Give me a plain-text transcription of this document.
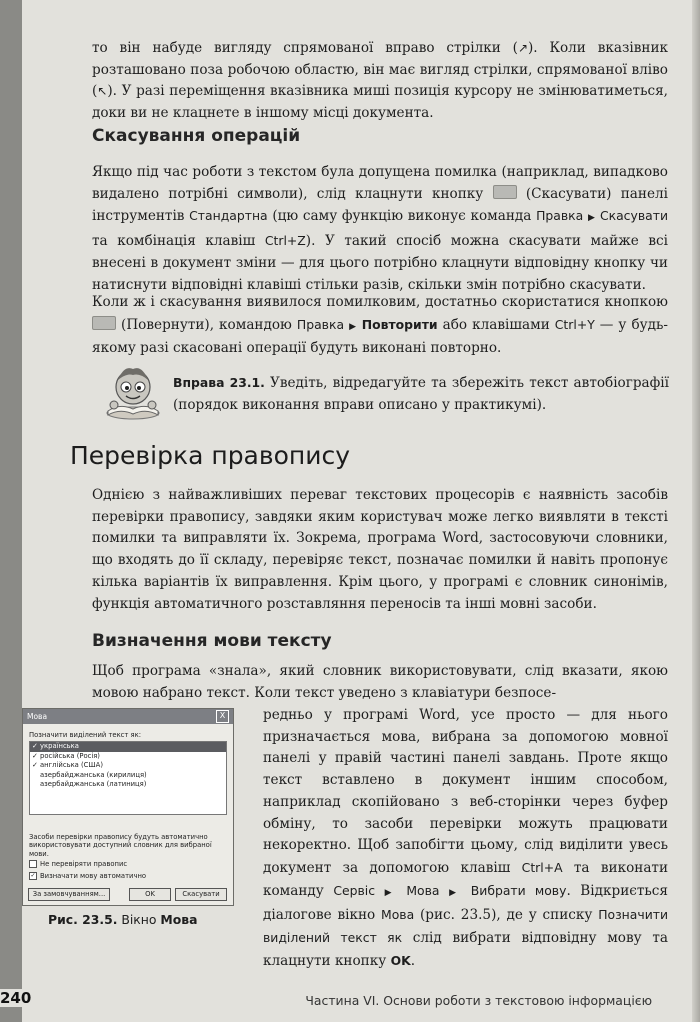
то він набуде вигляду спрямованої вправо стрілки (↗). Коли вказівник розташовано поза робочою областю, він має вигляд стрілки, спрямованої вліво (↖). У разі переміщення вказівника миші позиція курсору не змінюватиметься, доки ви не клацнете в іншому місці документа.

Скасування операцій

Якщо під час роботи з текстом була допущена помилка (наприклад, випадково видалено потрібні символи), слід клацнути кнопку  (Скасувати) панелі інструментів Стандартна (цю саму функцію виконує команда Правка ▶ Скасувати та комбінація клавіш Ctrl+Z). У такий спосіб можна скасувати майже всі внесені в документ зміни — для цього потрібно клацнути відповідну кнопку чи натиснути відповідні клавіші стільки разів, скільки змін потрібно скасувати.

Коли ж і скасування виявилося помилковим, достатньо скористатися кнопкою  (Повернути), командою Правка ▶ Повторити або клавішами Ctrl+Y — у будь-якому разі скасовані операції будуть виконані повторно.

Вправа 23.1. Уведіть, відредагуйте та збережіть текст автобіографії (порядок виконання вправи описано у практикумі).

Перевірка правопису

Однією з найважливіших переваг текстових процесорів є наявність засобів перевірки правопису, завдяки яким користувач може легко виявляти в тексті помилки та виправляти їх. Зокрема, програма Word, застосовуючи словники, що входять до її складу, перевіряє текст, позначає помилки й навіть пропонує кілька варіантів їх виправлення. Крім цього, у програмі є словник синонімів, функція автоматичного розставляння переносів та інші мовні засоби.

Визначення мови тексту

Щоб програма «знала», який словник використовувати, слід вказати, якою мовою набрано текст. Коли текст уведено з клавіатури безпосе-

редньо у програмі Word, усе просто — для нього призначається мова, вибрана за допомогою мовної панелі у правій частині панелі завдань. Проте якщо текст вставлено в документ іншим способом, наприклад скопійовано з веб-сторінки через буфер обміну, то засоби перевірки можуть працювати некоректно. Щоб запобігти цьому, слід виділити увесь документ за допомогою клавіш Ctrl+A та виконати команду Сервіс ▶ Мова ▶ Вибрати мову. Відкриється діалогове вікно Мова (рис. 23.5), де у списку Позначити виділений текст як слід вибрати відповідну мову та клацнути кнопку OK.

Мова	X
Позначити виділений текст як:
✓ українська
✓ російська (Росія)
✓ англійська (США)
азербайджанська (кирилиця)
азербайджанська (латиниця)
Засоби перевірки правопису будуть автоматично використовувати доступний словник для вибраної мови.
Не перевіряти правопис
✓ Визначати мову автоматично
За замовчуванням...	OK	Скасувати

Рис. 23.5. Вікно Мова

240	Частина VI. Основи роботи з текстовою інформацією
